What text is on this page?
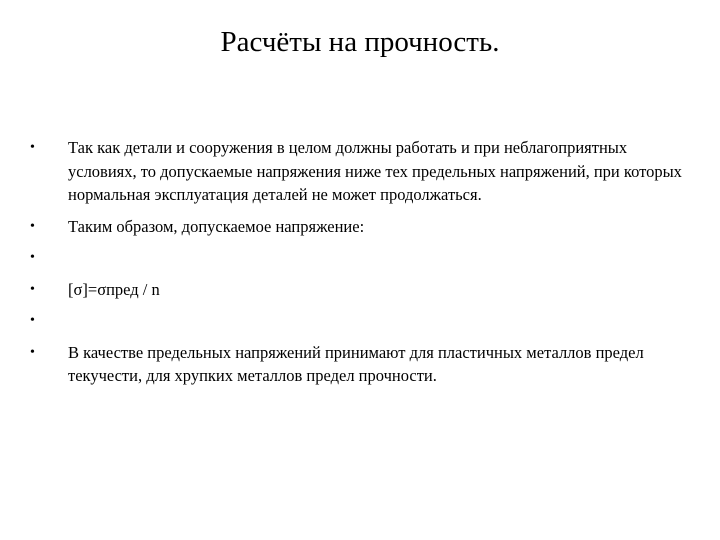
Расчёты на прочность.
•	Так как детали и сооружения в целом должны работать и при неблагоприятных условиях, то допускаемые напряжения ниже тех предельных напряжений, при которых нормальная эксплуатация деталей не может продолжаться.
•	Таким образом, допускаемое напряжение:
•
•	[σ]=σпред / n
•
•	В качестве предельных напряжений принимают для пластичных металлов предел текучести, для хрупких металлов предел прочности.
